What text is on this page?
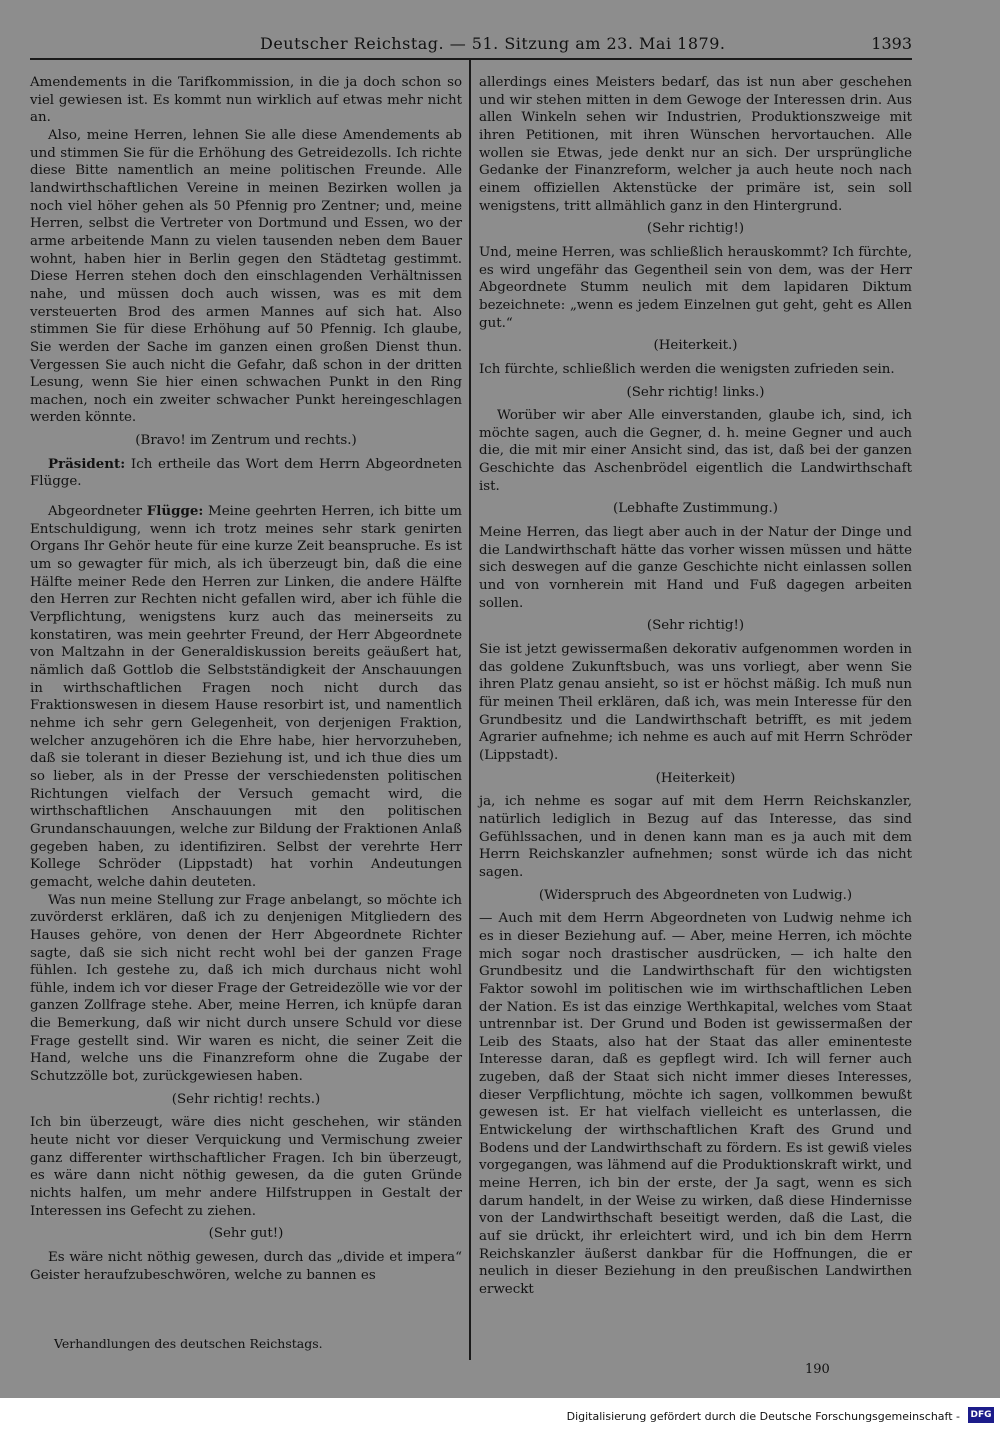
Deutscher Reichstag. — 51. Sitzung am 23. Mai 1879.	1393

Amendements in die Tarifkommission, in die ja doch schon so viel gewiesen ist. Es kommt nun wirklich auf etwas mehr nicht an.

Also, meine Herren, lehnen Sie alle diese Amendements ab und stimmen Sie für die Erhöhung des Getreidezolls. Ich richte diese Bitte namentlich an meine politischen Freunde. Alle landwirthschaftlichen Vereine in meinen Bezirken wollen ja noch viel höher gehen als 50 Pfennig pro Zentner; und, meine Herren, selbst die Vertreter von Dortmund und Essen, wo der arme arbeitende Mann zu vielen tausenden neben dem Bauer wohnt, haben hier in Berlin gegen den Städtetag gestimmt. Diese Herren stehen doch den einschlagenden Verhältnissen nahe, und müssen doch auch wissen, was es mit dem versteuerten Brod des armen Mannes auf sich hat. Also stimmen Sie für diese Erhöhung auf 50 Pfennig. Ich glaube, Sie werden der Sache im ganzen einen großen Dienst thun. Vergessen Sie auch nicht die Gefahr, daß schon in der dritten Lesung, wenn Sie hier einen schwachen Punkt in den Ring machen, noch ein zweiter schwacher Punkt hereingeschlagen werden könnte.

(Bravo! im Zentrum und rechts.)

Präsident: Ich ertheile das Wort dem Herrn Abgeordneten Flügge.

Abgeordneter Flügge: Meine geehrten Herren, ich bitte um Entschuldigung, wenn ich trotz meines sehr stark genirten Organs Ihr Gehör heute für eine kurze Zeit beanspruche. Es ist um so gewagter für mich, als ich überzeugt bin, daß die eine Hälfte meiner Rede den Herren zur Linken, die andere Hälfte den Herren zur Rechten nicht gefallen wird, aber ich fühle die Verpflichtung, wenigstens kurz auch das meinerseits zu konstatiren, was mein geehrter Freund, der Herr Abgeordnete von Maltzahn in der Generaldiskussion bereits geäußert hat, nämlich daß Gottlob die Selbstständigkeit der Anschauungen in wirthschaftlichen Fragen noch nicht durch das Fraktionswesen in diesem Hause resorbirt ist, und namentlich nehme ich sehr gern Gelegenheit, von derjenigen Fraktion, welcher anzugehören ich die Ehre habe, hier hervorzuheben, daß sie tolerant in dieser Beziehung ist, und ich thue dies um so lieber, als in der Presse der verschiedensten politischen Richtungen vielfach der Versuch gemacht wird, die wirthschaftlichen Anschauungen mit den politischen Grundanschauungen, welche zur Bildung der Fraktionen Anlaß gegeben haben, zu identifiziren. Selbst der verehrte Herr Kollege Schröder (Lippstadt) hat vorhin Andeutungen gemacht, welche dahin deuteten.

Was nun meine Stellung zur Frage anbelangt, so möchte ich zuvörderst erklären, daß ich zu denjenigen Mitgliedern des Hauses gehöre, von denen der Herr Abgeordnete Richter sagte, daß sie sich nicht recht wohl bei der ganzen Frage fühlen. Ich gestehe zu, daß ich mich durchaus nicht wohl fühle, indem ich vor dieser Frage der Getreidezölle wie vor der ganzen Zollfrage stehe. Aber, meine Herren, ich knüpfe daran die Bemerkung, daß wir nicht durch unsere Schuld vor diese Frage gestellt sind. Wir waren es nicht, die seiner Zeit die Hand, welche uns die Finanzreform ohne die Zugabe der Schutzzölle bot, zurückgewiesen haben.

(Sehr richtig! rechts.)

Ich bin überzeugt, wäre dies nicht geschehen, wir ständen heute nicht vor dieser Verquickung und Vermischung zweier ganz differenter wirthschaftlicher Fragen. Ich bin überzeugt, es wäre dann nicht nöthig gewesen, da die guten Gründe nichts halfen, um mehr andere Hilfstruppen in Gestalt der Interessen ins Gefecht zu ziehen.

(Sehr gut!)

Es wäre nicht nöthig gewesen, durch das „divide et impera“ Geister heraufzubeschwören, welche zu bannen es

allerdings eines Meisters bedarf, das ist nun aber geschehen und wir stehen mitten in dem Gewoge der Interessen drin. Aus allen Winkeln sehen wir Industrien, Produktionszweige mit ihren Petitionen, mit ihren Wünschen hervortauchen. Alle wollen sie Etwas, jede denkt nur an sich. Der ursprüngliche Gedanke der Finanzreform, welcher ja auch heute noch nach einem offiziellen Aktenstücke der primäre ist, sein soll wenigstens, tritt allmählich ganz in den Hintergrund.

(Sehr richtig!)

Und, meine Herren, was schließlich herauskommt? Ich fürchte, es wird ungefähr das Gegentheil sein von dem, was der Herr Abgeordnete Stumm neulich mit dem lapidaren Diktum bezeichnete: „wenn es jedem Einzelnen gut geht, geht es Allen gut.“

(Heiterkeit.)

Ich fürchte, schließlich werden die wenigsten zufrieden sein.

(Sehr richtig! links.)

Worüber wir aber Alle einverstanden, glaube ich, sind, ich möchte sagen, auch die Gegner, d. h. meine Gegner und auch die, die mit mir einer Ansicht sind, das ist, daß bei der ganzen Geschichte das Aschenbrödel eigentlich die Landwirthschaft ist.

(Lebhafte Zustimmung.)

Meine Herren, das liegt aber auch in der Natur der Dinge und die Landwirthschaft hätte das vorher wissen müssen und hätte sich deswegen auf die ganze Geschichte nicht einlassen sollen und von vornherein mit Hand und Fuß dagegen arbeiten sollen.

(Sehr richtig!)

Sie ist jetzt gewissermaßen dekorativ aufgenommen worden in das goldene Zukunftsbuch, was uns vorliegt, aber wenn Sie ihren Platz genau ansieht, so ist er höchst mäßig. Ich muß nun für meinen Theil erklären, daß ich, was mein Interesse für den Grundbesitz und die Landwirthschaft betrifft, es mit jedem Agrarier aufnehme; ich nehme es auch auf mit Herrn Schröder (Lippstadt).

(Heiterkeit)

ja, ich nehme es sogar auf mit dem Herrn Reichskanzler, natürlich lediglich in Bezug auf das Interesse, das sind Gefühlssachen, und in denen kann man es ja auch mit dem Herrn Reichskanzler aufnehmen; sonst würde ich das nicht sagen.

(Widerspruch des Abgeordneten von Ludwig.)

— Auch mit dem Herrn Abgeordneten von Ludwig nehme ich es in dieser Beziehung auf. — Aber, meine Herren, ich möchte mich sogar noch drastischer ausdrücken, — ich halte den Grundbesitz und die Landwirthschaft für den wichtigsten Faktor sowohl im politischen wie im wirthschaftlichen Leben der Nation. Es ist das einzige Werthkapital, welches vom Staat untrennbar ist. Der Grund und Boden ist gewissermaßen der Leib des Staats, also hat der Staat das aller eminenteste Interesse daran, daß es gepflegt wird. Ich will ferner auch zugeben, daß der Staat sich nicht immer dieses Interesses, dieser Verpflichtung, möchte ich sagen, vollkommen bewußt gewesen ist. Er hat vielfach vielleicht es unterlassen, die Entwickelung der wirthschaftlichen Kraft des Grund und Bodens und der Landwirthschaft zu fördern. Es ist gewiß vieles vorgegangen, was lähmend auf die Produktionskraft wirkt, und meine Herren, ich bin der erste, der Ja sagt, wenn es sich darum handelt, in der Weise zu wirken, daß diese Hindernisse von der Landwirthschaft beseitigt werden, daß die Last, die auf sie drückt, ihr erleichtert wird, und ich bin dem Herrn Reichskanzler äußerst dankbar für die Hoffnungen, die er neulich in dieser Beziehung in den preußischen Landwirthen erweckt

Verhandlungen des deutschen Reichstags.
190
Digitalisierung gefördert durch die Deutsche Forschungsgemeinschaft - DFG
